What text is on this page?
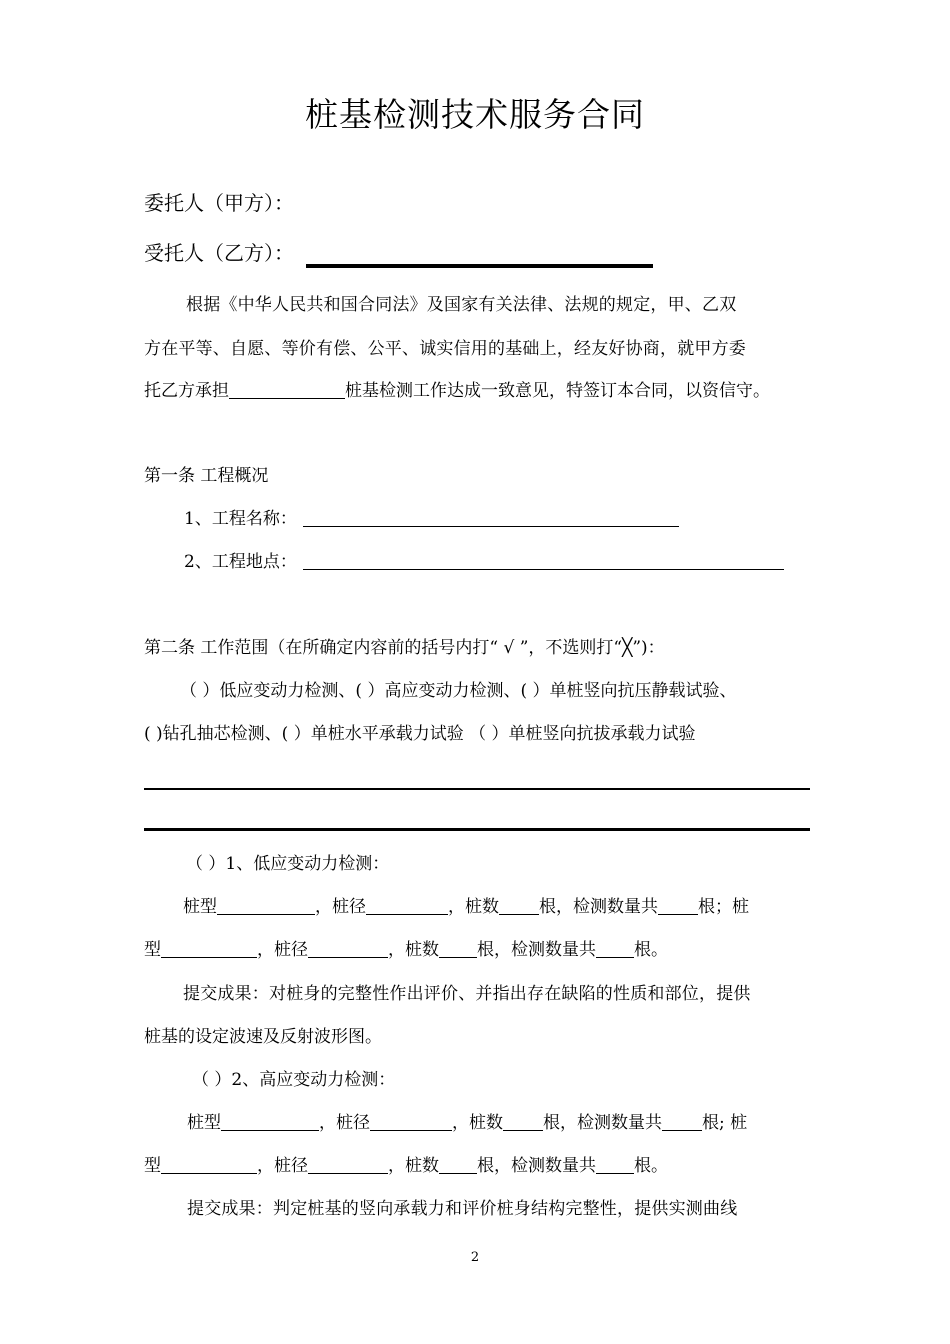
桩基检测技术服务合同
委托人（甲方）：
受托人（乙方）：
根据《中华人民共和国合同法》及国家有关法律、法规的规定，甲、乙双
方在平等、自愿、等价有偿、公平、诚实信用的基础上，经友好协商，就甲方委
托乙方承担	桩基检测工作达成一致意见，特签订本合同，以资信守。
第一条 工程概况
1、工程名称：
2、工程地点：
第二条 工作范围（在所确定内容前的括号内打“ √ ”，不选则打“╳”)：
（ ）低应变动力检测、( ）高应变动力检测、( ）单桩竖向抗压静载试验、
( )钻孔抽芯检测、( ）单桩水平承载力试验 （ ）单桩竖向抗拔承载力试验
（ ）1、低应变动力检测：
桩型	，桩径	，桩数 根，检测数量共 根；桩
型	，桩径	，桩数 根，检测数量共 根。
提交成果：对桩身的完整性作出评价、并指出存在缺陷的性质和部位，提供
桩基的设定波速及反射波形图。
（ ）2、高应变动力检测：
桩型	，桩径	，桩数 根，检测数量共 根; 桩
型	，桩径	，桩数 根，检测数量共 根。
提交成果：判定桩基的竖向承载力和评价桩身结构完整性，提供实测曲线
2
